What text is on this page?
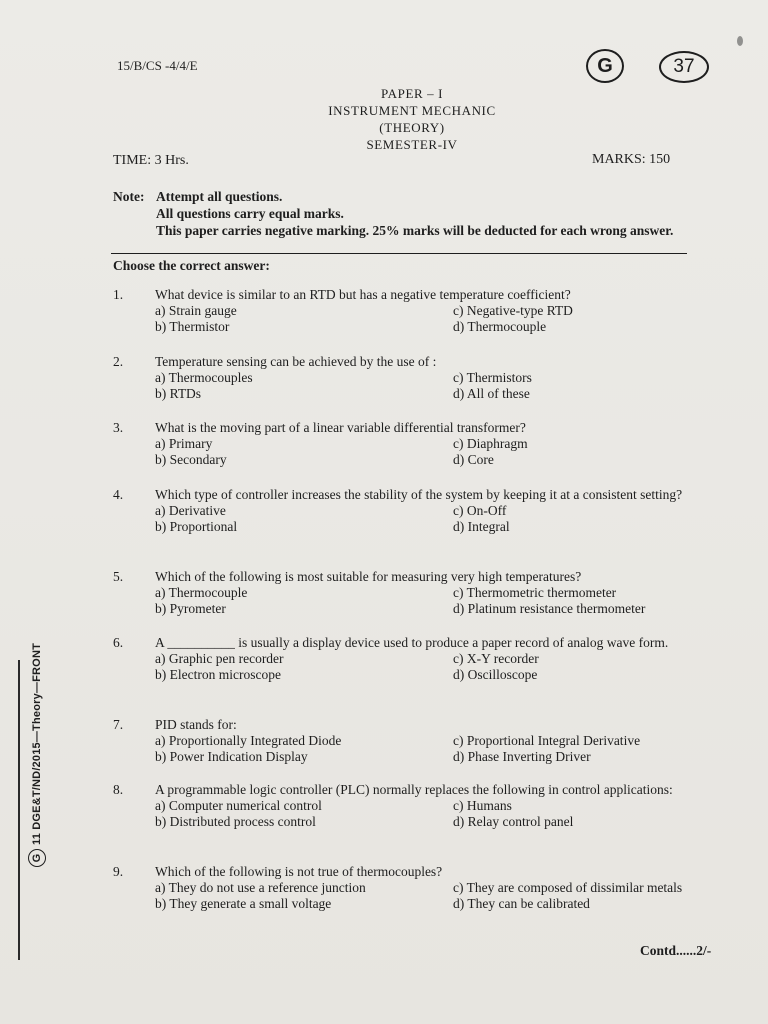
15/B/CS -4/4/E	G	37
PAPER – I
INSTRUMENT MECHANIC
(THEORY)
SEMESTER-IV
TIME: 3 Hrs.	MARKS: 150
Note: Attempt all questions.
All questions carry equal marks.
This paper carries negative marking. 25% marks will be deducted for each wrong answer.
Choose the correct answer:
1.	What device is similar to an RTD but has a negative temperature coefficient?
a) Strain gauge	c) Negative-type RTD
b) Thermistor	d) Thermocouple
2.	Temperature sensing can be achieved by the use of :
a) Thermocouples	c) Thermistors
b) RTDs	d) All of these
3.	What is the moving part of a linear variable differential transformer?
a) Primary	c) Diaphragm
b) Secondary	d) Core
4.	Which type of controller increases the stability of the system by keeping it at a consistent setting?
a) Derivative	c) On-Off
b) Proportional	d) Integral
5.	Which of the following is most suitable for measuring very high temperatures?
a) Thermocouple	c) Thermometric thermometer
b) Pyrometer	d) Platinum resistance thermometer
6.	A __________ is usually a display device used to produce a paper record of analog wave form.
a) Graphic pen recorder	c) X-Y recorder
b) Electron microscope	d) Oscilloscope
7.	PID stands for:
a) Proportionally Integrated Diode	c) Proportional Integral Derivative
b) Power Indication Display	d) Phase Inverting Driver
8.	A programmable logic controller (PLC) normally replaces the following in control applications:
a) Computer numerical control	c) Humans
b) Distributed process control	d) Relay control panel
9.	Which of the following is not true of thermocouples?
a) They do not use a reference junction	c) They are composed of dissimilar metals
b) They generate a small voltage	d) They can be calibrated
Contd......2/-
G
11 DGE&T/ND/2015—Theory—FRONT
